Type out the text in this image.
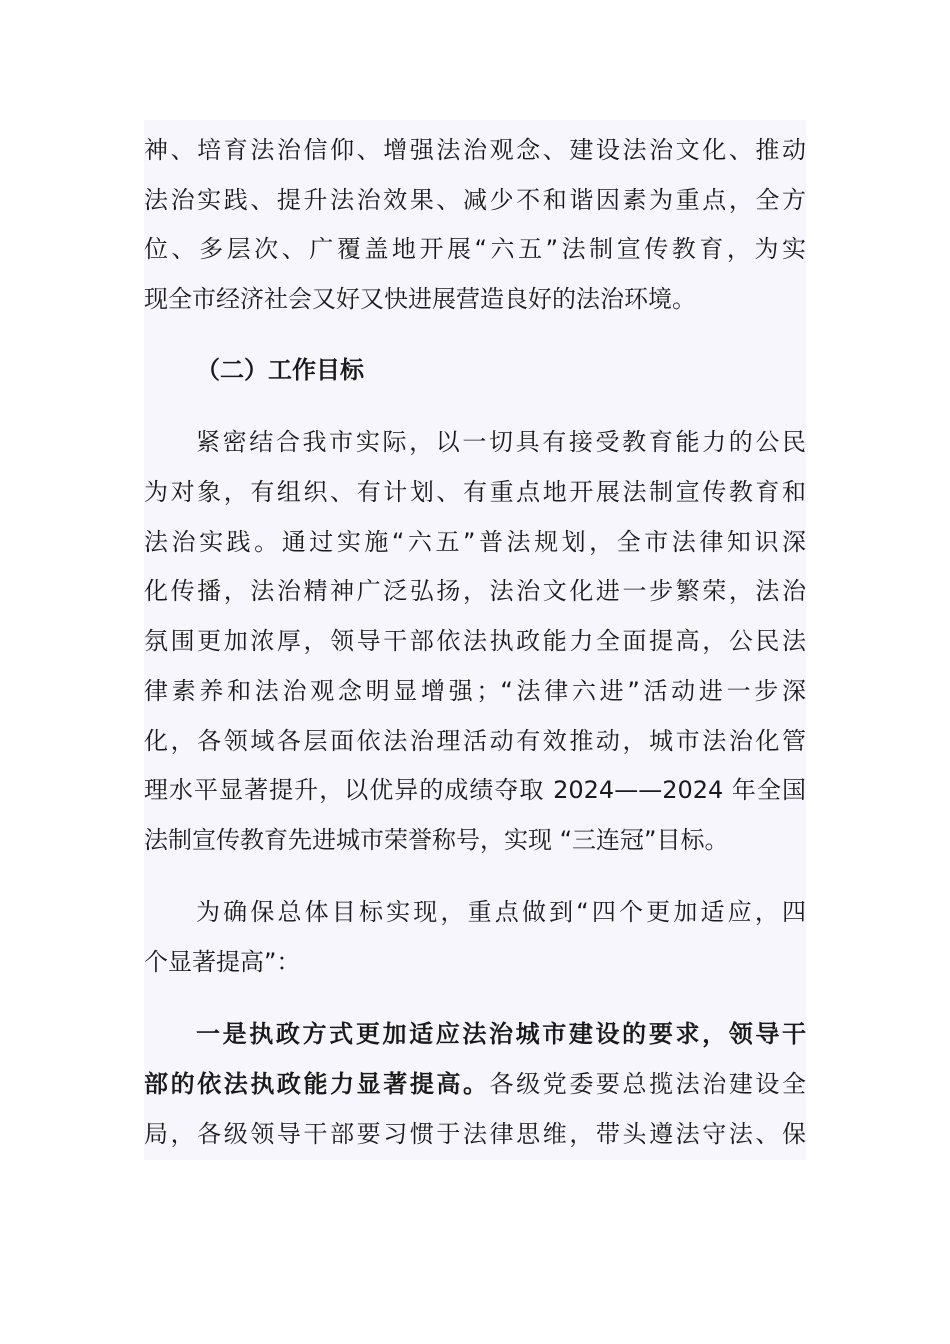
神、培育法治信仰、增强法治观念、建设法治文化、推动
法治实践、提升法治效果、减少不和谐因素为重点，全方
位、多层次、广覆盖地开展“六五”法制宣传教育，为实
现全市经济社会又好又快进展营造良好的法治环境。
（二）工作目标
紧密结合我市实际，以一切具有接受教育能力的公民
为对象，有组织、有计划、有重点地开展法制宣传教育和
法治实践。通过实施“六五”普法规划，全市法律知识深
化传播，法治精神广泛弘扬，法治文化进一步繁荣，法治
氛围更加浓厚，领导干部依法执政能力全面提高，公民法
律素养和法治观念明显增强；“法律六进”活动进一步深
化，各领域各层面依法治理活动有效推动，城市法治化管
理水平显著提升，以优异的成绩夺取 2024——2024 年全国
法制宣传教育先进城市荣誉称号，实现 “三连冠”目标。
为确保总体目标实现，重点做到“四个更加适应，四
个显著提高”：
一是执政方式更加适应法治城市建设的要求，领导干
部的依法执政能力显著提高。各级党委要总揽法治建设全
局，各级领导干部要习惯于法律思维，带头遵法守法、保
